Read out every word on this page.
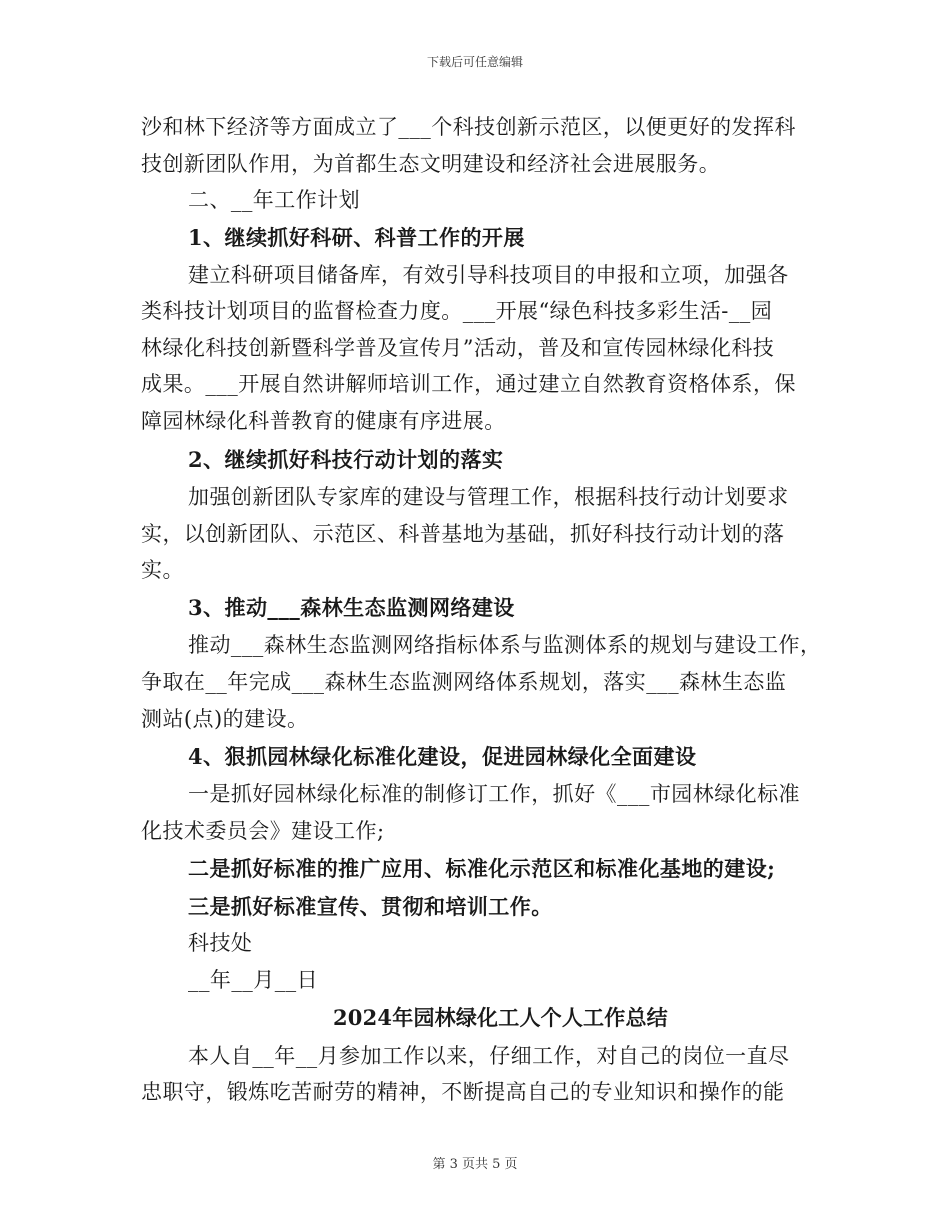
下载后可任意编辑
沙和林下经济等方面成立了___个科技创新示范区，以便更好的发挥科
技创新团队作用，为首都生态文明建设和经济社会进展服务。
二、__年工作计划
1、继续抓好科研、科普工作的开展
建立科研项目储备库，有效引导科技项目的申报和立项，加强各
类科技计划项目的监督检查力度。___开展“绿色科技多彩生活-__园
林绿化科技创新暨科学普及宣传月”活动，普及和宣传园林绿化科技
成果。___开展自然讲解师培训工作，通过建立自然教育资格体系，保
障园林绿化科普教育的健康有序进展。
2、继续抓好科技行动计划的落实
加强创新团队专家库的建设与管理工作，根据科技行动计划要求
实，以创新团队、示范区、科普基地为基础，抓好科技行动计划的落
实。
3、推动___森林生态监测网络建设
推动___森林生态监测网络指标体系与监测体系的规划与建设工作，
争取在__年完成___森林生态监测网络体系规划，落实___森林生态监
测站(点)的建设。
4、狠抓园林绿化标准化建设，促进园林绿化全面建设
一是抓好园林绿化标准的制修订工作，抓好《___市园林绿化标准
化技术委员会》建设工作;
二是抓好标准的推广应用、标准化示范区和标准化基地的建设;
三是抓好标准宣传、贯彻和培训工作。
科技处
__年__月__日
2024年园林绿化工人个人工作总结
本人自__年__月参加工作以来，仔细工作，对自己的岗位一直尽
忠职守，锻炼吃苦耐劳的精神，不断提高自己的专业知识和操作的能
第 3 页共 5 页
